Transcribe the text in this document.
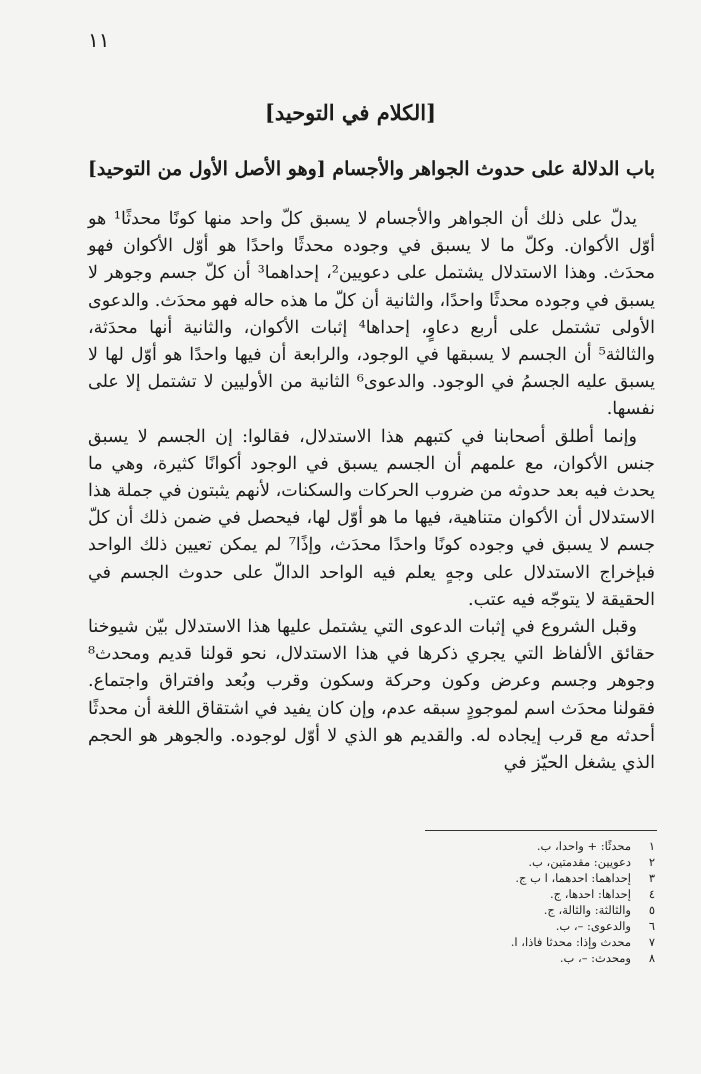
١١
[الكلام في التوحيد]
باب الدلالة على حدوث الجواهر والأجسام [وهو الأصل الأول من التوحيد]

يدلّ على ذلك أن الجواهر والأجسام لا يسبق كلّ واحد منها كونًا محدثًا¹ هو أوّل الأكوان. وكلّ ما لا يسبق في وجوده محدثًا واحدًا هو أوّل الأكوان فهو محدَث. وهذا الاستدلال يشتمل على دعويين²، إحداهما³ أن كلّ جسم وجوهر لا يسبق في وجوده محدثًا واحدًا، والثانية أن كلّ ما هذه حاله فهو محدَث. والدعوى الأولى تشتمل على أربع دعاوٍ، إحداها⁴ إثبات الأكوان، والثانية أنها محدَثة، والثالثة⁵ أن الجسم لا يسبقها في الوجود، والرابعة أن فيها واحدًا هو أوّل لها لا يسبق عليه الجسمُ في الوجود. والدعوى⁶ الثانية من الأوليين لا تشتمل إلا على نفسها.

وإنما أطلق أصحابنا في كتبهم هذا الاستدلال، فقالوا: إن الجسم لا يسبق جنس الأكوان، مع علمهم أن الجسم يسبق في الوجود أكوانًا كثيرة، وهي ما يحدث فيه بعد حدوثه من ضروب الحركات والسكنات، لأنهم يثبتون في جملة هذا الاستدلال أن الأكوان متناهية، فيها ما هو أوّل لها، فيحصل في ضمن ذلك أن كلّ جسم لا يسبق في وجوده كونًا واحدًا محدَث، وإذًا⁷ لم يمكن تعيين ذلك الواحد فبإخراج الاستدلال على وجهٍ يعلم فيه الواحد الدالّ على حدوث الجسم في الحقيقة لا يتوجّه فيه عتب.

وقبل الشروع في إثبات الدعوى التي يشتمل عليها هذا الاستدلال بيّن شيوخنا حقائق الألفاظ التي يجري ذكرها في هذا الاستدلال، نحو قولنا قديم ومحدث⁸ وجوهر وجسم وعرض وكون وحركة وسكون وقرب وبُعد وافتراق واجتماع. فقولنا محدَث اسم لموجودٍ سبقه عدم، وإن كان يفيد في اشتقاق اللغة أن محدثًا أحدثه مع قرب إيجاده له. والقديم هو الذي لا أوّل لوجوده. والجوهر هو الحجم الذي يشغل الحيّز في

١
محدثًا: + واحدا، ب.
٢
دعويين: مقدمتين، ب.
٣
إحداهما: احدهما، ا ب ج.
٤
إحداها: احدها، ج.
٥
والثالثة: والثالة، ج.
٦
والدعوى: –، ب.
٧
محدث وإذا: محدثا فاذا، ا.
٨
ومحدث: –، ب.
